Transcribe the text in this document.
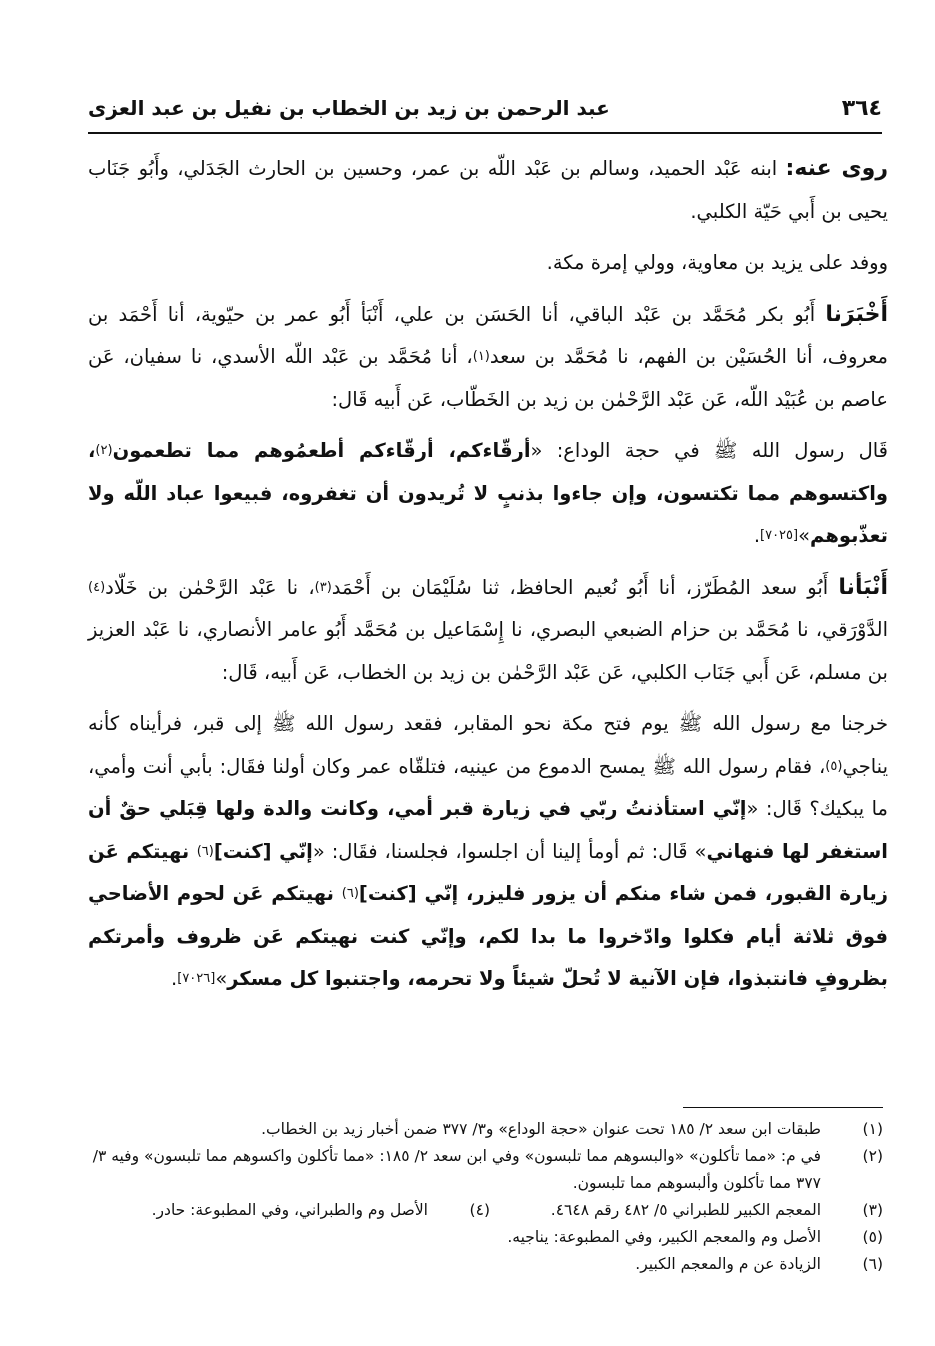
٣٦٤
عبد الرحمن بن زيد بن الخطاب بن نفيل بن عبد العزى

روى عنه: ابنه عَبْد الحميد، وسالم بن عَبْد اللّه بن عمر، وحسين بن الحارث الجَدَلي، وأَبُو جَنَاب يحيى بن أَبي حَيّة الكلبي.

ووفد على يزيد بن معاوية، وولي إمرة مكة.

أَخْبَرَنا أَبُو بكر مُحَمَّد بن عَبْد الباقي، أنا الحَسَن بن علي، أَنْبَأ أَبُو عمر بن حيّوية، أنا أَحْمَد بن معروف، أنا الحُسَيْن بن الفهم، نا مُحَمَّد بن سعد$^{(١)}$، أنا مُحَمَّد بن عَبْد اللّه الأسدي، نا سفيان، عَن عاصم بن عُبَيْد اللّه، عَن عَبْد الرَّحْمٰن بن زيد بن الخَطّاب، عَن أَبيه قَال:

قَال رسول الله ﷺ في حجة الوداع: «أرقّاءكم، أرقّاءكم أطعمُوهم مما تطعمون$^{(٢)}$، واكتسوهم مما تكتسون، وإن جاءوا بذنبٍ لا تُريدون أن تغفروه، فبيعوا عباد اللّه ولا تعذّبوهم»[٧٠٢٥].

أَنْبَأنا أَبُو سعد المُطَرّز، أنا أَبُو نُعيم الحافظ، ثنا سُلَيْمَان بن أَحْمَد$^{(٣)}$، نا عَبْد الرَّحْمٰن بن خَلّاد$^{(٤)}$ الدَّوْرَقي، نا مُحَمَّد بن حزام الضبعي البصري، نا إِسْمَاعيل بن مُحَمَّد أَبُو عامر الأنصاري، نا عَبْد العزيز بن مسلم، عَن أَبي جَنَاب الكلبي، عَن عَبْد الرَّحْمٰن بن زيد بن الخطاب، عَن أَبيه، قَال:

خرجنا مع رسول الله ﷺ يوم فتح مكة نحو المقابر، فقعد رسول الله ﷺ إلى قبر، فرأيناه كأنه يناجي$^{(٥)}$، فقام رسول الله ﷺ يمسح الدموع من عينيه، فتلقّاه عمر وكان أولنا فقَال: بأبي أنت وأمي، ما يبكيك؟ قَال: «إنّي استأذنتُ ربّي في زيارة قبر أمي، وكانت والدة ولها قِبَلي حقٌ أن استغفر لها فنهاني» قَال: ثم أومأ إلينا أن اجلسوا، فجلسنا، فقَال: «إنّي [كنت]$^{(٦)}$ نهيتكم عَن زيارة القبور، فمن شاء منكم أن يزور فليزر، إنّي [كنت]$^{(٦)}$ نهيتكم عَن لحوم الأضاحي فوق ثلاثة أيام فكلوا وادّخروا ما بدا لكم، وإنّي كنت نهيتكم عَن ظروف وأمرتكم بظروفٍ فانتبذوا، فإن الآنية لا تُحلّ شيئاً ولا تحرمه، واجتنبوا كل مسكر»[٧٠٢٦].

(١)
طبقات ابن سعد ٢/ ١٨٥ تحت عنوان «حجة الوداع» و٣/ ٣٧٧ ضمن أخبار زيد بن الخطاب.
(٢)
في م: «مما تأكلون» «والبسوهم مما تلبسون» وفي ابن سعد ٢/ ١٨٥: «مما تأكلون واكسوهم مما تلبسون» وفيه ٣/ ٣٧٧ مما تأكلون وألبسوهم مما تلبسون.
(٣)
المعجم الكبير للطبراني ٥/ ٤٨٢ رقم ٤٦٤٨.
(٤)
الأصل وم والطبراني، وفي المطبوعة: حادر.
(٥)
الأصل وم والمعجم الكبير، وفي المطبوعة: يناجيه.
(٦)
الزيادة عن م والمعجم الكبير.
